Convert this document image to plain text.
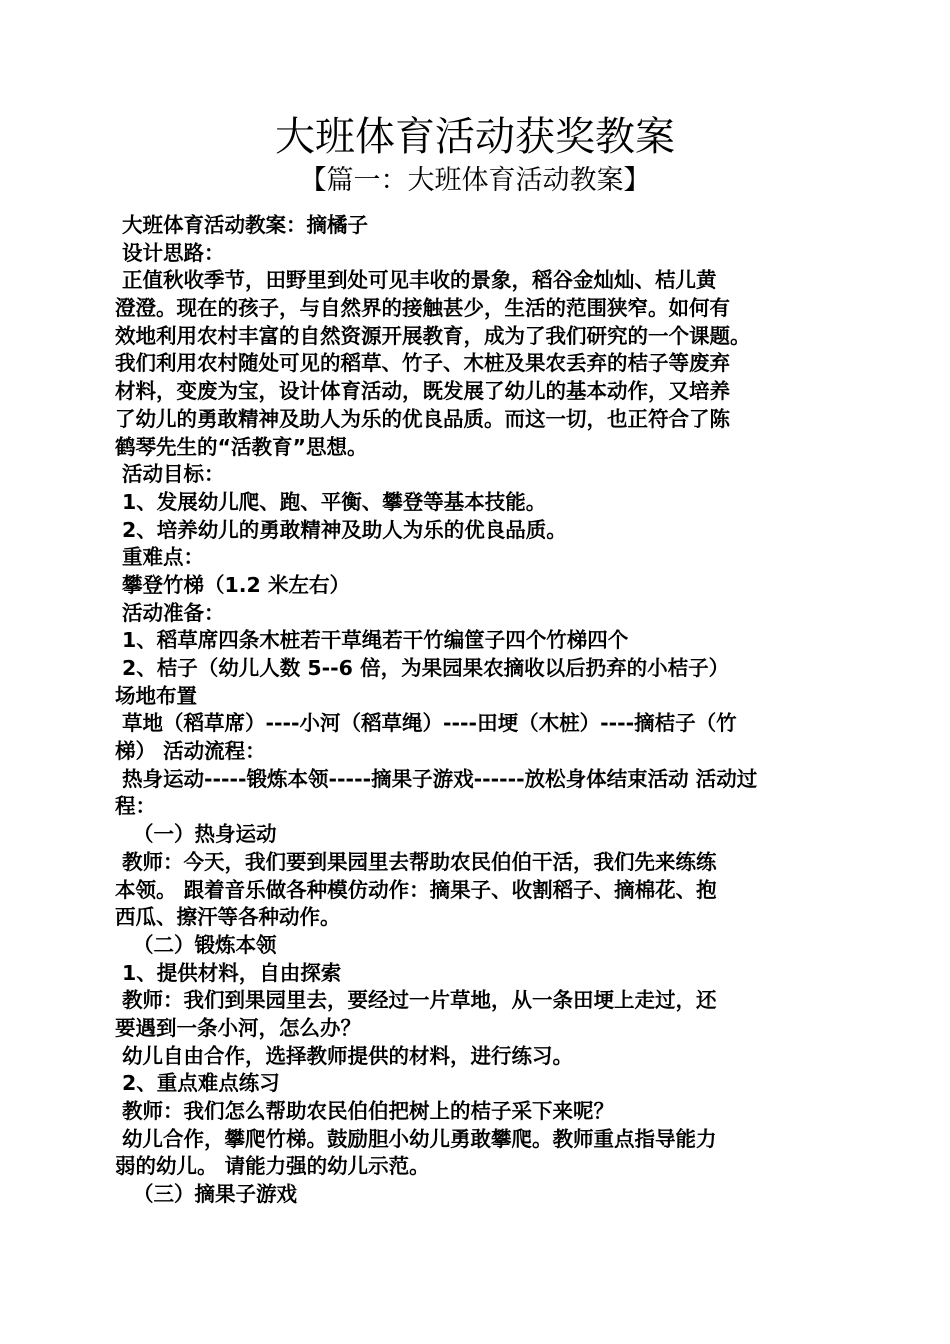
大班体育活动获奖教案
【篇一：大班体育活动教案】
大班体育活动教案：摘橘子
设计思路：
正值秋收季节，田野里到处可见丰收的景象，稻谷金灿灿、桔儿黄
澄澄。现在的孩子，与自然界的接触甚少，生活的范围狭窄。如何有
效地利用农村丰富的自然资源开展教育，成为了我们研究的一个课题。
我们利用农村随处可见的稻草、竹子、木桩及果农丢弃的桔子等废弃
材料，变废为宝，设计体育活动，既发展了幼儿的基本动作，又培养
了幼儿的勇敢精神及助人为乐的优良品质。而这一切，也正符合了陈
鹤琴先生的“活教育”思想。
活动目标：
1、发展幼儿爬、跑、平衡、攀登等基本技能。
2、培养幼儿的勇敢精神及助人为乐的优良品质。
重难点：
攀登竹梯（1.2 米左右）
活动准备：
1、稻草席四条木桩若干草绳若干竹编筐子四个竹梯四个
2、桔子（幼儿人数 5--6 倍，为果园果农摘收以后扔弃的小桔子）
场地布置
草地（稻草席）----小河（稻草绳）----田埂（木桩）----摘桔子（竹
梯） 活动流程：
热身运动-----锻炼本领-----摘果子游戏------放松身体结束活动 活动过
程：
（一）热身运动
教师：今天，我们要到果园里去帮助农民伯伯干活，我们先来练练
本领。 跟着音乐做各种模仿动作：摘果子、收割稻子、摘棉花、抱
西瓜、擦汗等各种动作。
（二）锻炼本领
1、提供材料，自由探索
教师：我们到果园里去，要经过一片草地，从一条田埂上走过，还
要遇到一条小河，怎么办？
幼儿自由合作，选择教师提供的材料，进行练习。
2、重点难点练习
教师：我们怎么帮助农民伯伯把树上的桔子采下来呢？
幼儿合作，攀爬竹梯。鼓励胆小幼儿勇敢攀爬。教师重点指导能力
弱的幼儿。 请能力强的幼儿示范。
（三）摘果子游戏
